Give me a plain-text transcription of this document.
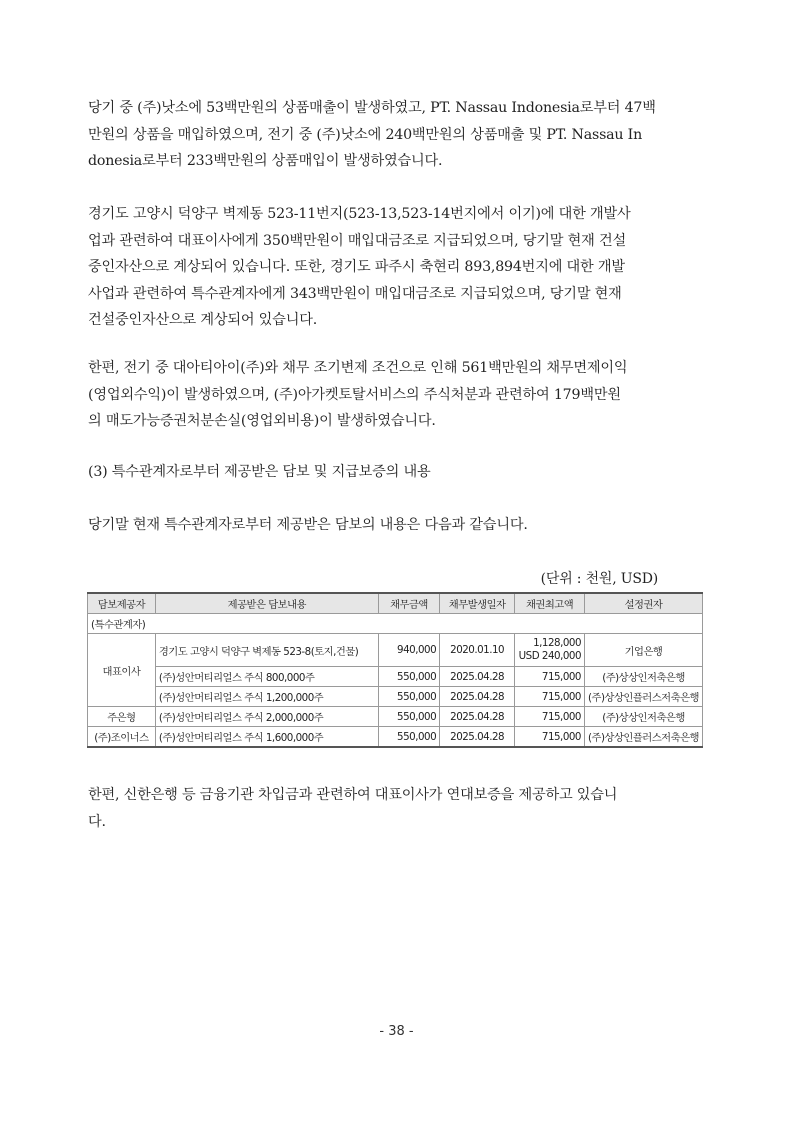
당기 중 (주)낫소에 53백만원의 상품매출이 발생하였고, PT. Nassau Indonesia로부터 47백
만원의 상품을 매입하였으며, 전기 중 (주)낫소에 240백만원의 상품매출 및 PT. Nassau In
donesia로부터 233백만원의 상품매입이 발생하였습니다.

경기도 고양시 덕양구 벽제동 523-11번지(523-13,523-14번지에서 이기)에 대한 개발사
업과 관련하여 대표이사에게 350백만원이 매입대금조로 지급되었으며, 당기말 현재 건설
중인자산으로 계상되어 있습니다. 또한, 경기도 파주시 축현리 893,894번지에 대한 개발
사업과 관련하여 특수관계자에게 343백만원이 매입대금조로 지급되었으며, 당기말 현재
건설중인자산으로 계상되어 있습니다.

한편, 전기 중 대아티아이(주)와 채무 조기변제 조건으로 인해 561백만원의 채무면제이익
(영업외수익)이 발생하였으며, (주)아가켓토탈서비스의 주식처분과 관련하여 179백만원
의 매도가능증권처분손실(영업외비용)이 발생하였습니다.

(3) 특수관계자로부터 제공받은 담보 및 지급보증의 내용

당기말 현재 특수관계자로부터 제공받은 담보의 내용은 다음과 같습니다.

(단위 : 천원, USD)
담보제공자	제공받은 담보내용	채무금액	채무발생일자	채권최고액	설정권자
(특수관계자)					
대표이사	경기도 고양시 덕양구 벽제동 523-8(토지,건물)	940,000	2020.01.10	1,128,000
USD 240,000	기업은행
	(주)성안머티리얼스 주식 800,000주	550,000	2025.04.28	715,000	(주)상상인저축은행
	(주)성안머티리얼스 주식 1,200,000주	550,000	2025.04.28	715,000	(주)상상인플러스저축은행
주은형	(주)성안머티리얼스 주식 2,000,000주	550,000	2025.04.28	715,000	(주)상상인저축은행
(주)조이너스	(주)성안머티리얼스 주식 1,600,000주	550,000	2025.04.28	715,000	(주)상상인플러스저축은행

한편, 신한은행 등 금융기관 차입금과 관련하여 대표이사가 연대보증을 제공하고 있습니
다.

- 38 -
